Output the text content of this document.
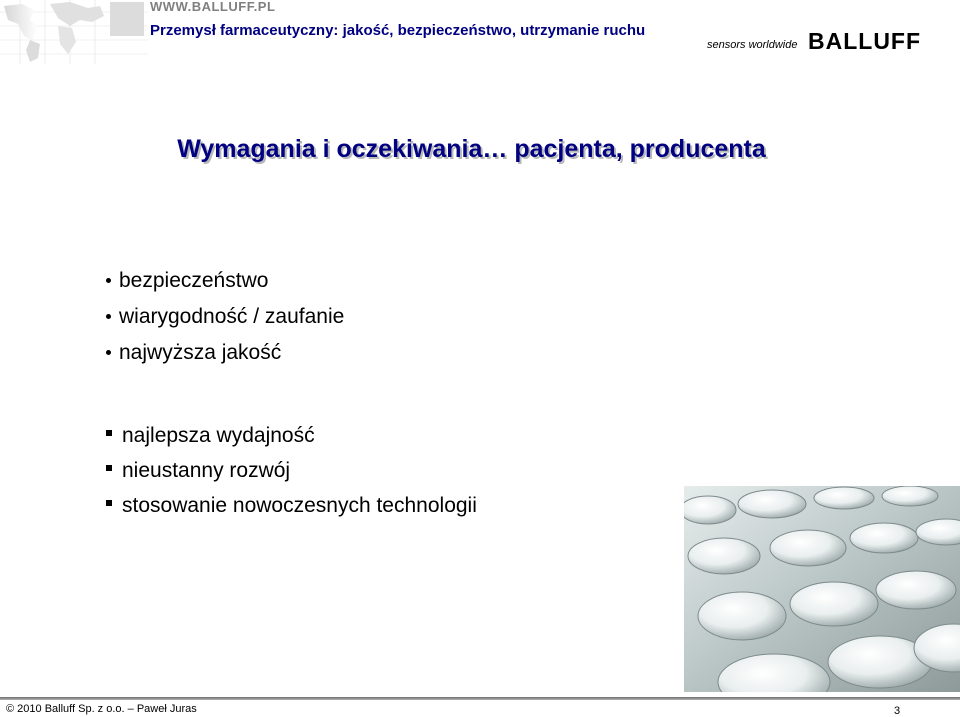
WWW.BALLUFF.PL
Przemysł farmaceutyczny: jakość, bezpieczeństwo, utrzymanie ruchu
sensors worldwide BALLUFF
Wymagania i oczekiwania… pacjenta, producenta
bezpieczeństwo
wiarygodność / zaufanie
najwyższa jakość
najlepsza wydajność
nieustanny rozwój
stosowanie nowoczesnych technologii
© 2010 Balluff Sp. z o.o. – Paweł Juras	3
